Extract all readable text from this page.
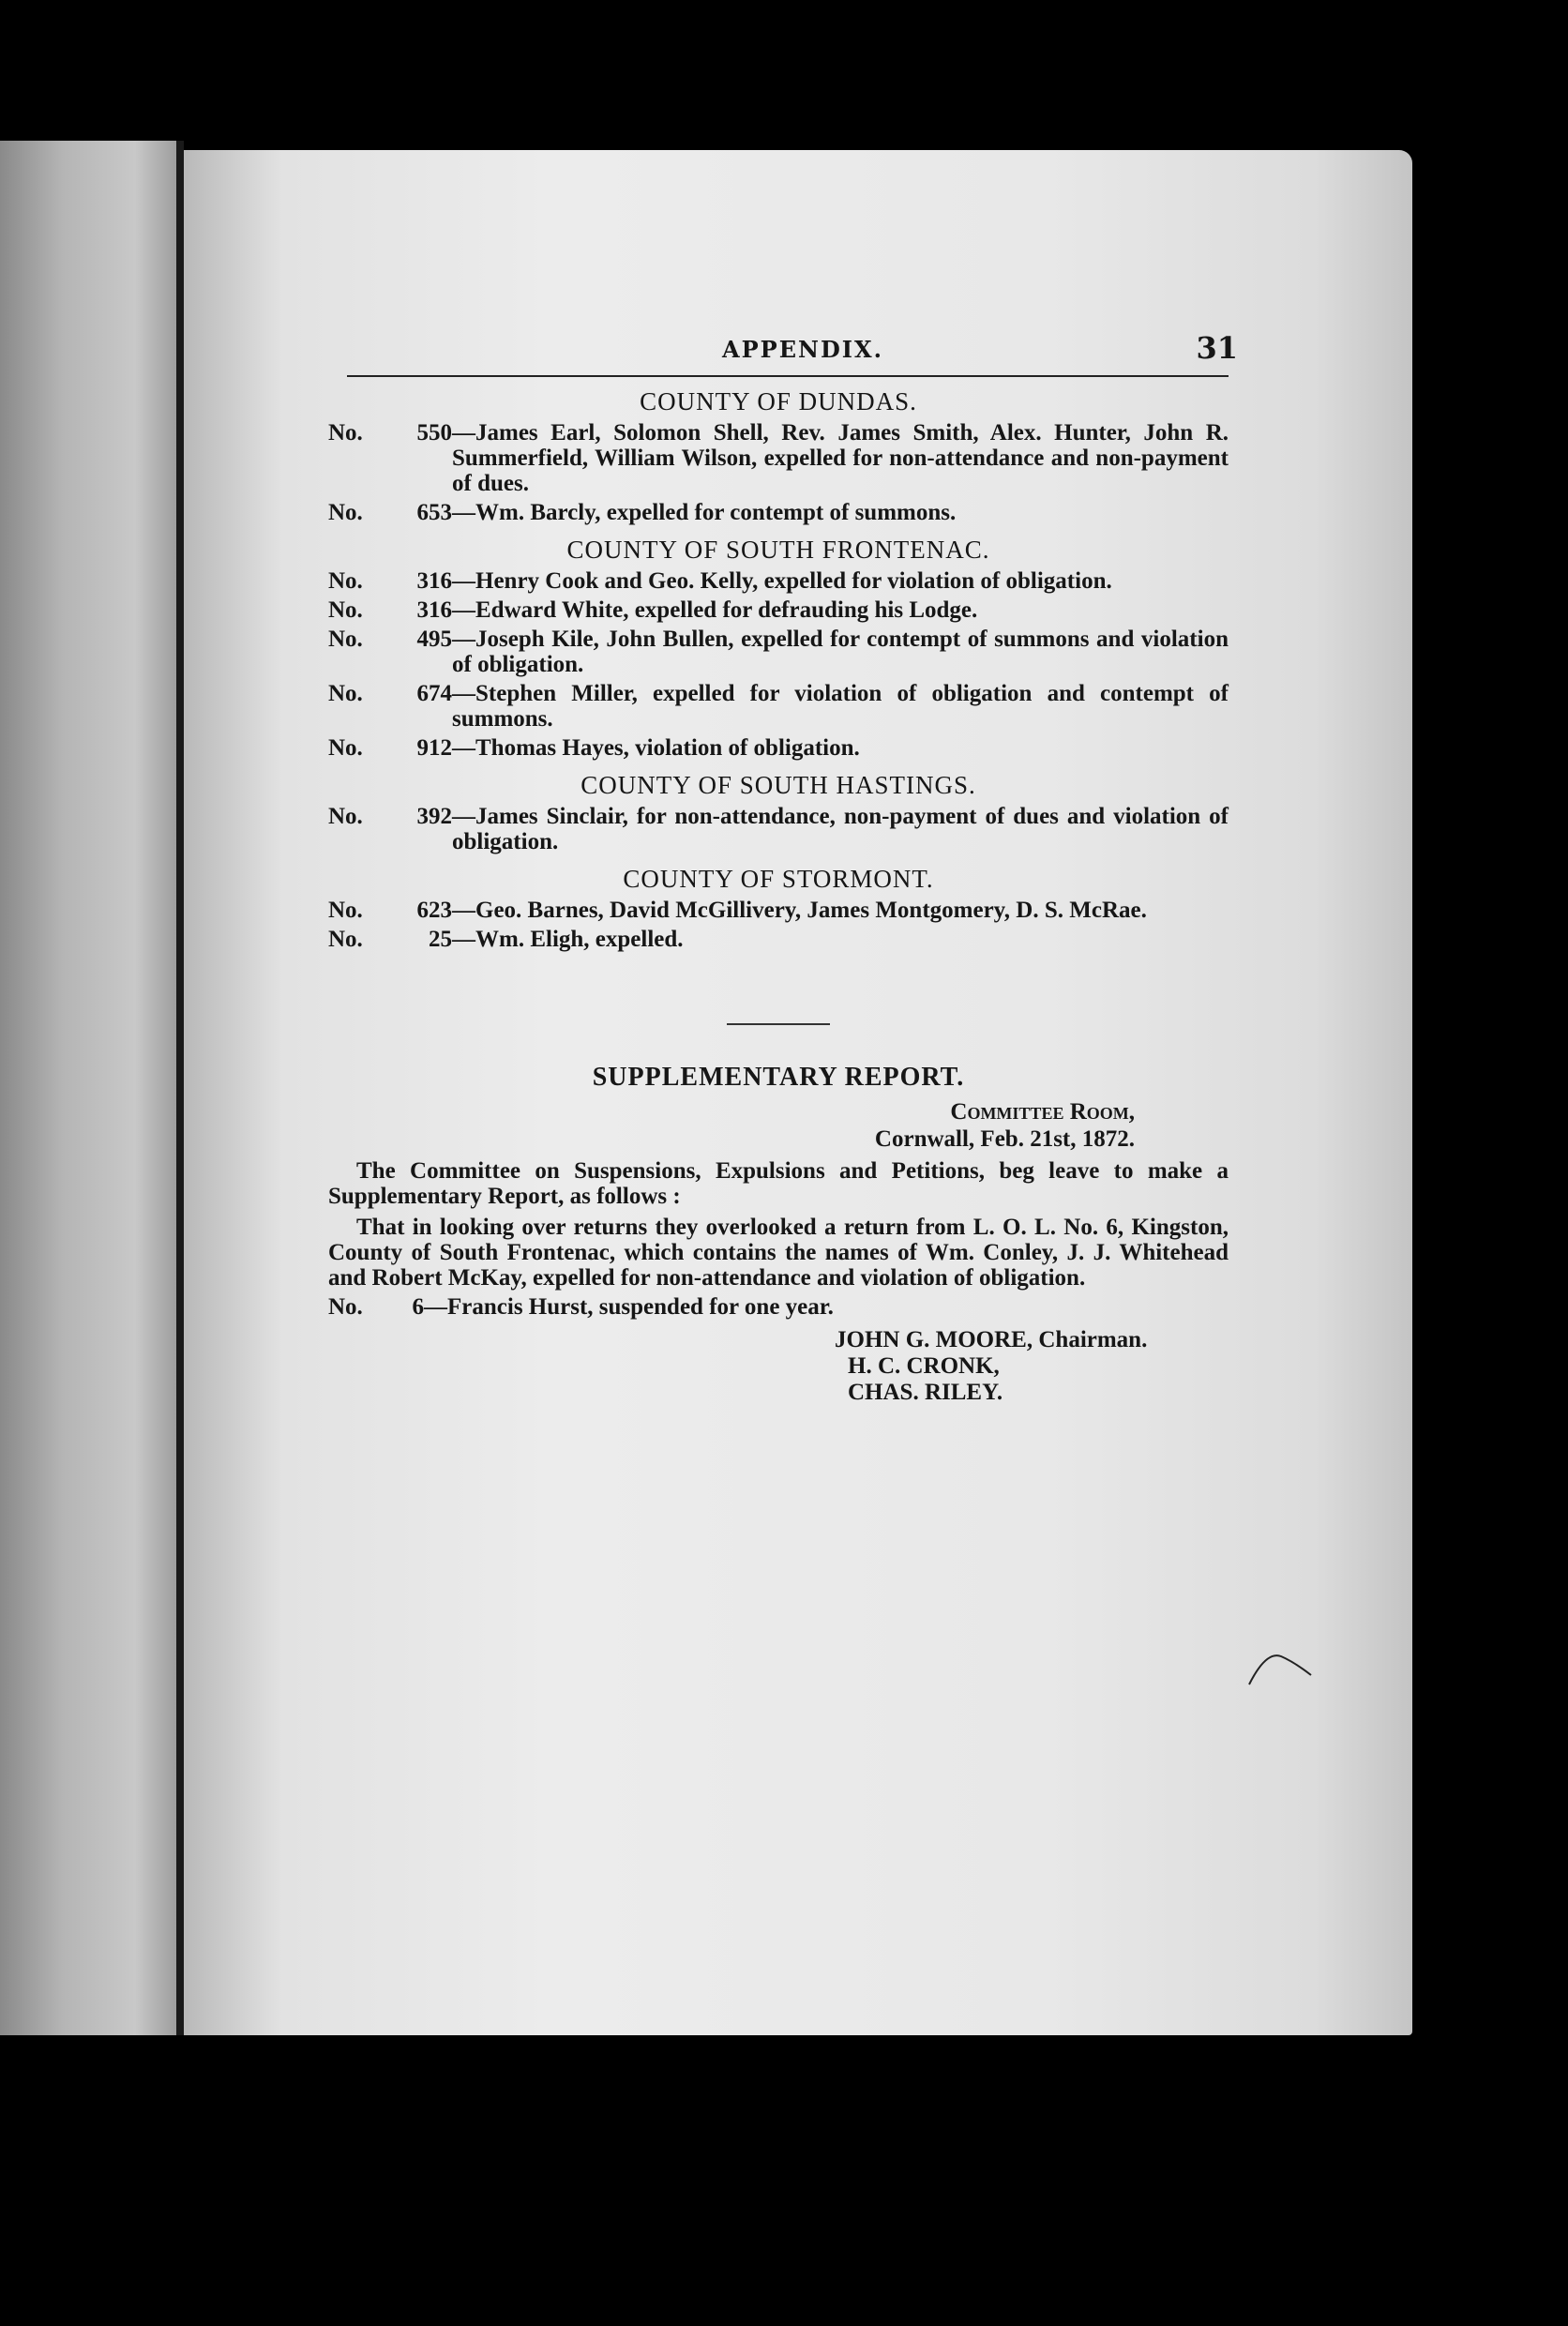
APPENDIX.	31
COUNTY OF DUNDAS.
No.	550 —James Earl, Solomon Shell, Rev. James Smith, Alex. Hunter, John R. Summerfield, William Wilson, expelled for non-attendance and non-payment of dues.
No.	653 —Wm. Barcly, expelled for contempt of summons.
COUNTY OF SOUTH FRONTENAC.
No.	316 —Henry Cook and Geo. Kelly, expelled for violation of obligation.
No.	316 —Edward White, expelled for defrauding his Lodge.
No.	495 —Joseph Kile, John Bullen, expelled for contempt of summons and violation of obligation.
No.	674 —Stephen Miller, expelled for violation of obligation and contempt of summons.
No.	912 —Thomas Hayes, violation of obligation.
COUNTY OF SOUTH HASTINGS.
No.	392 —James Sinclair, for non-attendance, non-payment of dues and violation of obligation.
COUNTY OF STORMONT.
No.	623 —Geo. Barnes, David McGillivery, James Montgomery, D. S. McRae.
No.	25 —Wm. Eligh, expelled.
SUPPLEMENTARY REPORT.
Committee Room,
Cornwall, Feb. 21st, 1872.
The Committee on Suspensions, Expulsions and Petitions, beg leave to make a Supplementary Report, as follows :
That in looking over returns they overlooked a return from L. O. L. No. 6, Kingston, County of South Frontenac, which contains the names of Wm. Conley, J. J. Whitehead and Robert McKay, expelled for non-attendance and violation of obligation.
No.	6 —Francis Hurst, suspended for one year.
JOHN G. MOORE, Chairman.
H. C. CRONK,
CHAS. RILEY.
